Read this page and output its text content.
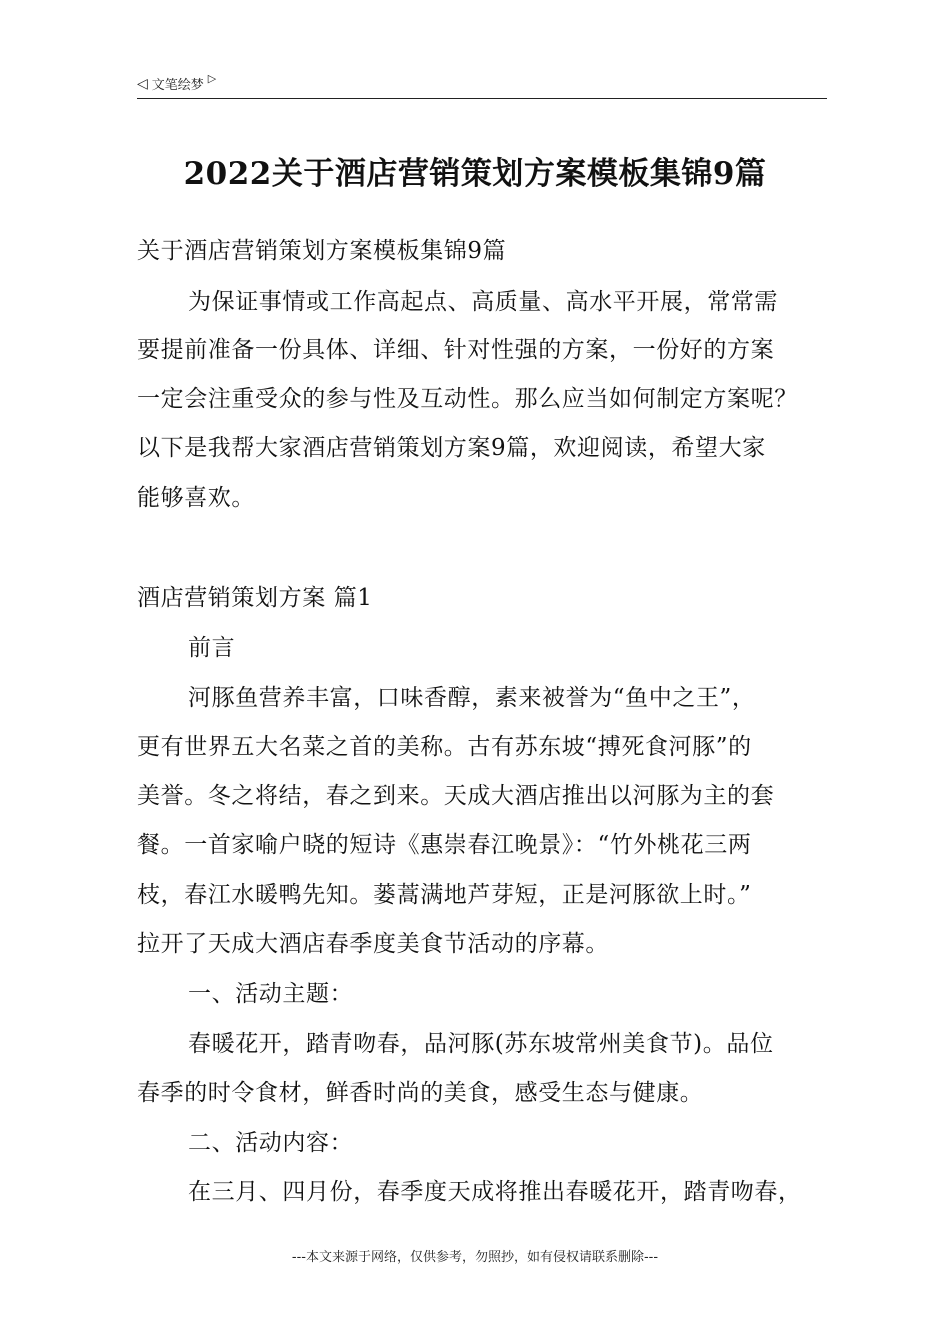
◁ 文笔绘梦 ▷
2022关于酒店营销策划方案模板集锦9篇
关于酒店营销策划方案模板集锦9篇
为保证事情或工作高起点、高质量、高水平开展，常常需
要提前准备一份具体、详细、针对性强的方案，一份好的方案
一定会注重受众的参与性及互动性。那么应当如何制定方案呢？
以下是我帮大家酒店营销策划方案9篇，欢迎阅读，希望大家
能够喜欢。
酒店营销策划方案 篇1
前言
河豚鱼营养丰富，口味香醇，素来被誉为“鱼中之王”，
更有世界五大名菜之首的美称。古有苏东坡“搏死食河豚”的
美誉。冬之将结，春之到来。天成大酒店推出以河豚为主的套
餐。一首家喻户晓的短诗《惠崇春江晚景》：“竹外桃花三两
枝，春江水暖鸭先知。蒌蒿满地芦芽短，正是河豚欲上时。”
拉开了天成大酒店春季度美食节活动的序幕。
一、活动主题：
春暖花开，踏青吻春，品河豚(苏东坡常州美食节)。品位
春季的时令食材，鲜香时尚的美食，感受生态与健康。
二、活动内容：
在三月、四月份，春季度天成将推出春暖花开，踏青吻春，
---本文来源于网络，仅供参考，勿照抄，如有侵权请联系删除---
